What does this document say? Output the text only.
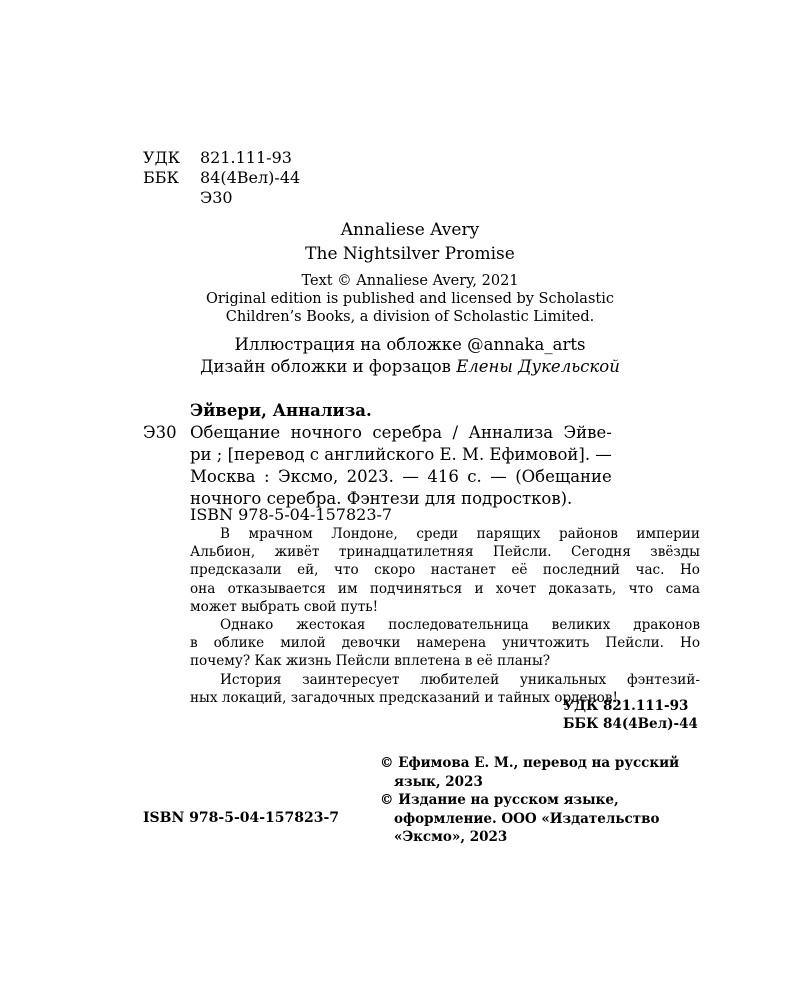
УДК	821.111-93
ББК	84(4Вел)-44
Э30
Annaliese Avery
The Nightsilver Promise
Text © Annaliese Avery, 2021
Original edition is published and licensed by Scholastic
Children’s Books, a division of Scholastic Limited.
Иллюстрация на обложке @annaka_arts
Дизайн обложки и форзацов Елены Дукельской
Эйвери, Аннализа.
Э30 Обещание ночного серебра / Аннализа Эйве-
ри ; [перевод с английского Е. М. Ефимовой]. —
Москва : Эксмо, 2023. — 416 с. — (Обещание
ночного серебра. Фэнтези для подростков).
ISBN 978-5-04-157823-7
В мрачном Лондоне, среди парящих районов империи
Альбион, живёт тринадцатилетняя Пейсли. Сегодня звёзды
предсказали ей, что скоро настанет её последний час. Но
она отказывается им подчиняться и хочет доказать, что сама
может выбрать свой путь!
Однакo жестокая последовательница великих драконов
в облике милой девочки намерена уничтожить Пейсли. Но
почему? Как жизнь Пейсли вплетена в её планы?
История заинтересует любителей уникальных фэнтезий-
ных локаций, загадочных предсказаний и тайных орденов!
УДК 821.111-93
ББК 84(4Вел)-44
© Ефимова Е. М., перевод на русский
язык, 2023
© Издание на русском языке,
оформление. ООО «Издательство
«Эксмо», 2023
ISBN 978-5-04-157823-7
